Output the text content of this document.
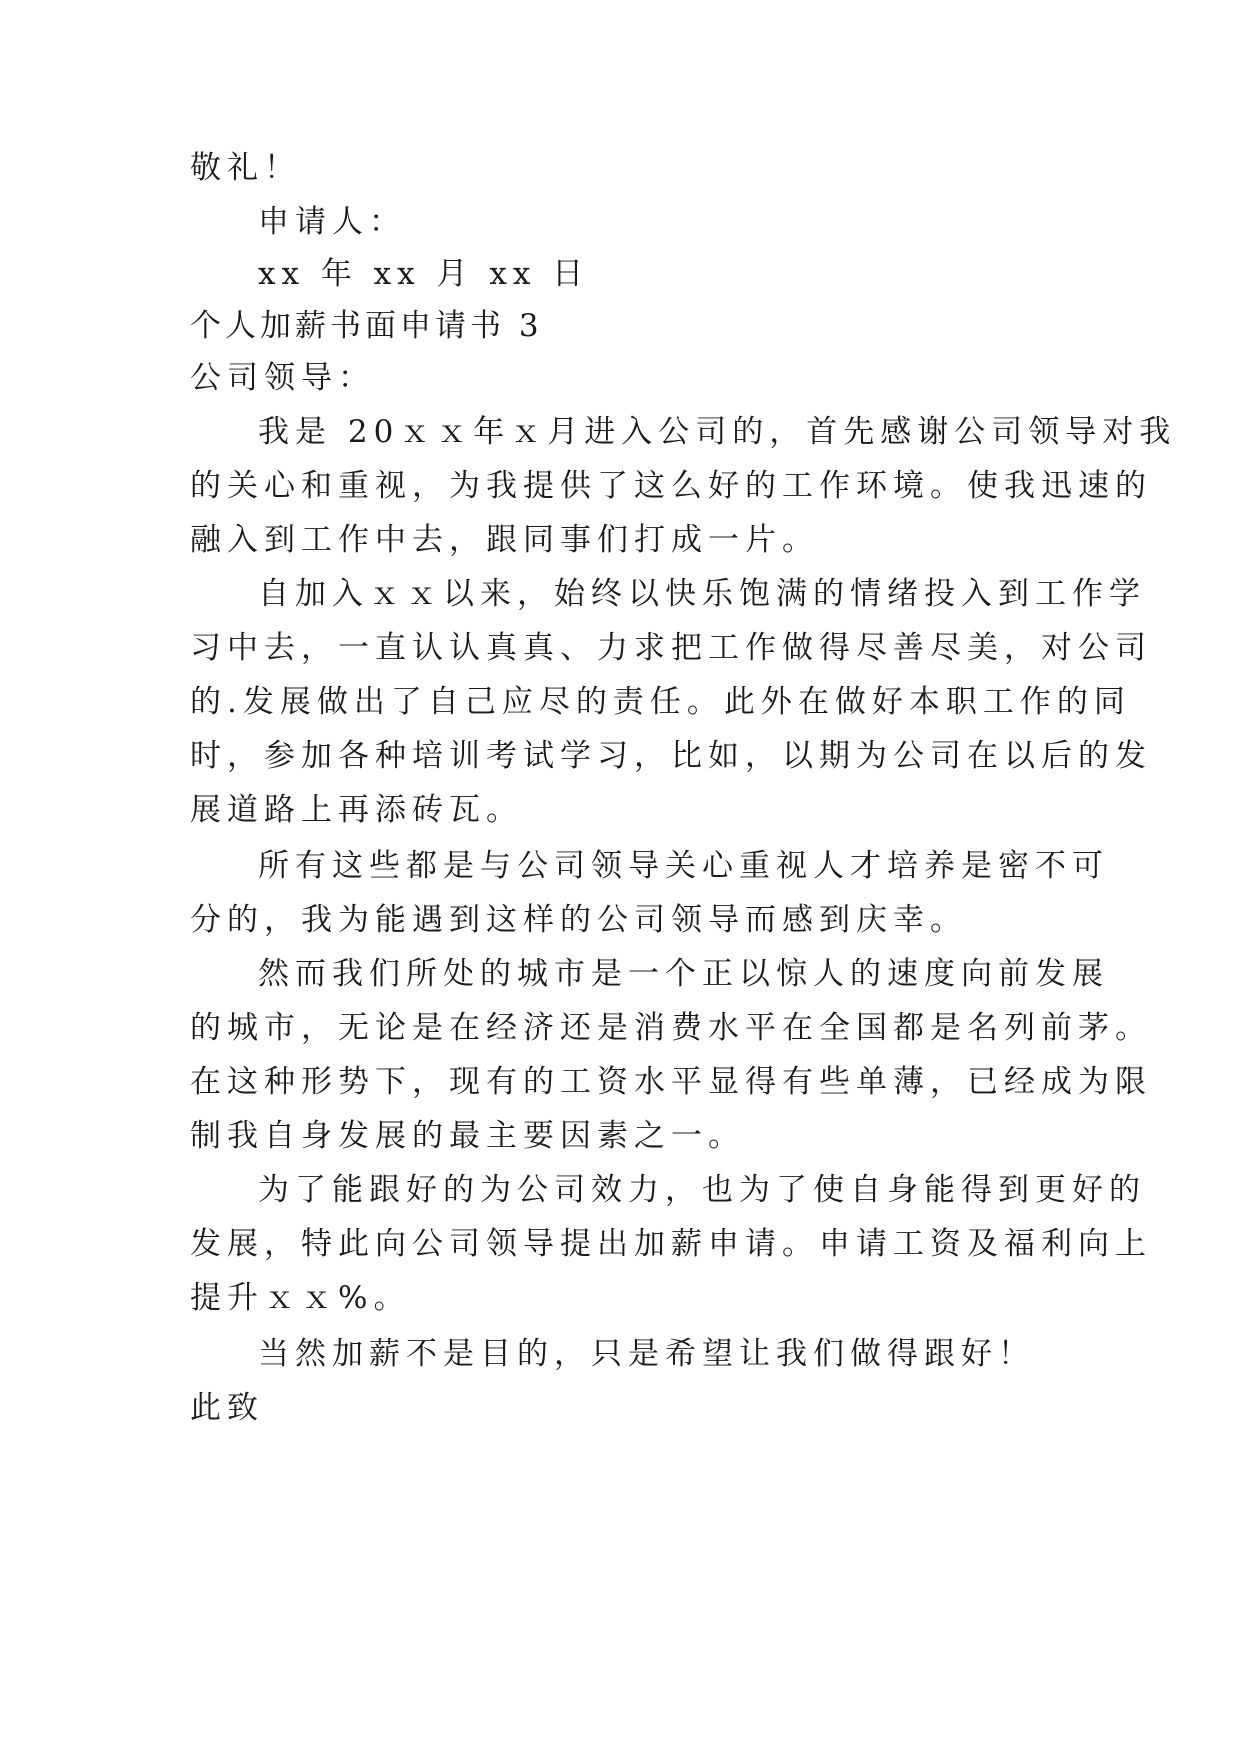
敬礼！
申请人：
xx 年 xx 月 xx 日
个人加薪书面申请书 3
公司领导：
我是 20ｘｘ年ｘ月进入公司的，首先感谢公司领导对我
的关心和重视，为我提供了这么好的工作环境。使我迅速的
融入到工作中去，跟同事们打成一片。
自加入ｘｘ以来，始终以快乐饱满的情绪投入到工作学
习中去，一直认认真真、力求把工作做得尽善尽美，对公司
的.发展做出了自己应尽的责任。此外在做好本职工作的同
时，参加各种培训考试学习，比如，以期为公司在以后的发
展道路上再添砖瓦。
所有这些都是与公司领导关心重视人才培养是密不可
分的，我为能遇到这样的公司领导而感到庆幸。
然而我们所处的城市是一个正以惊人的速度向前发展
的城市，无论是在经济还是消费水平在全国都是名列前茅。
在这种形势下，现有的工资水平显得有些单薄，已经成为限
制我自身发展的最主要因素之一。
为了能跟好的为公司效力，也为了使自身能得到更好的
发展，特此向公司领导提出加薪申请。申请工资及福利向上
提升ｘｘ%。
当然加薪不是目的，只是希望让我们做得跟好！
此致
